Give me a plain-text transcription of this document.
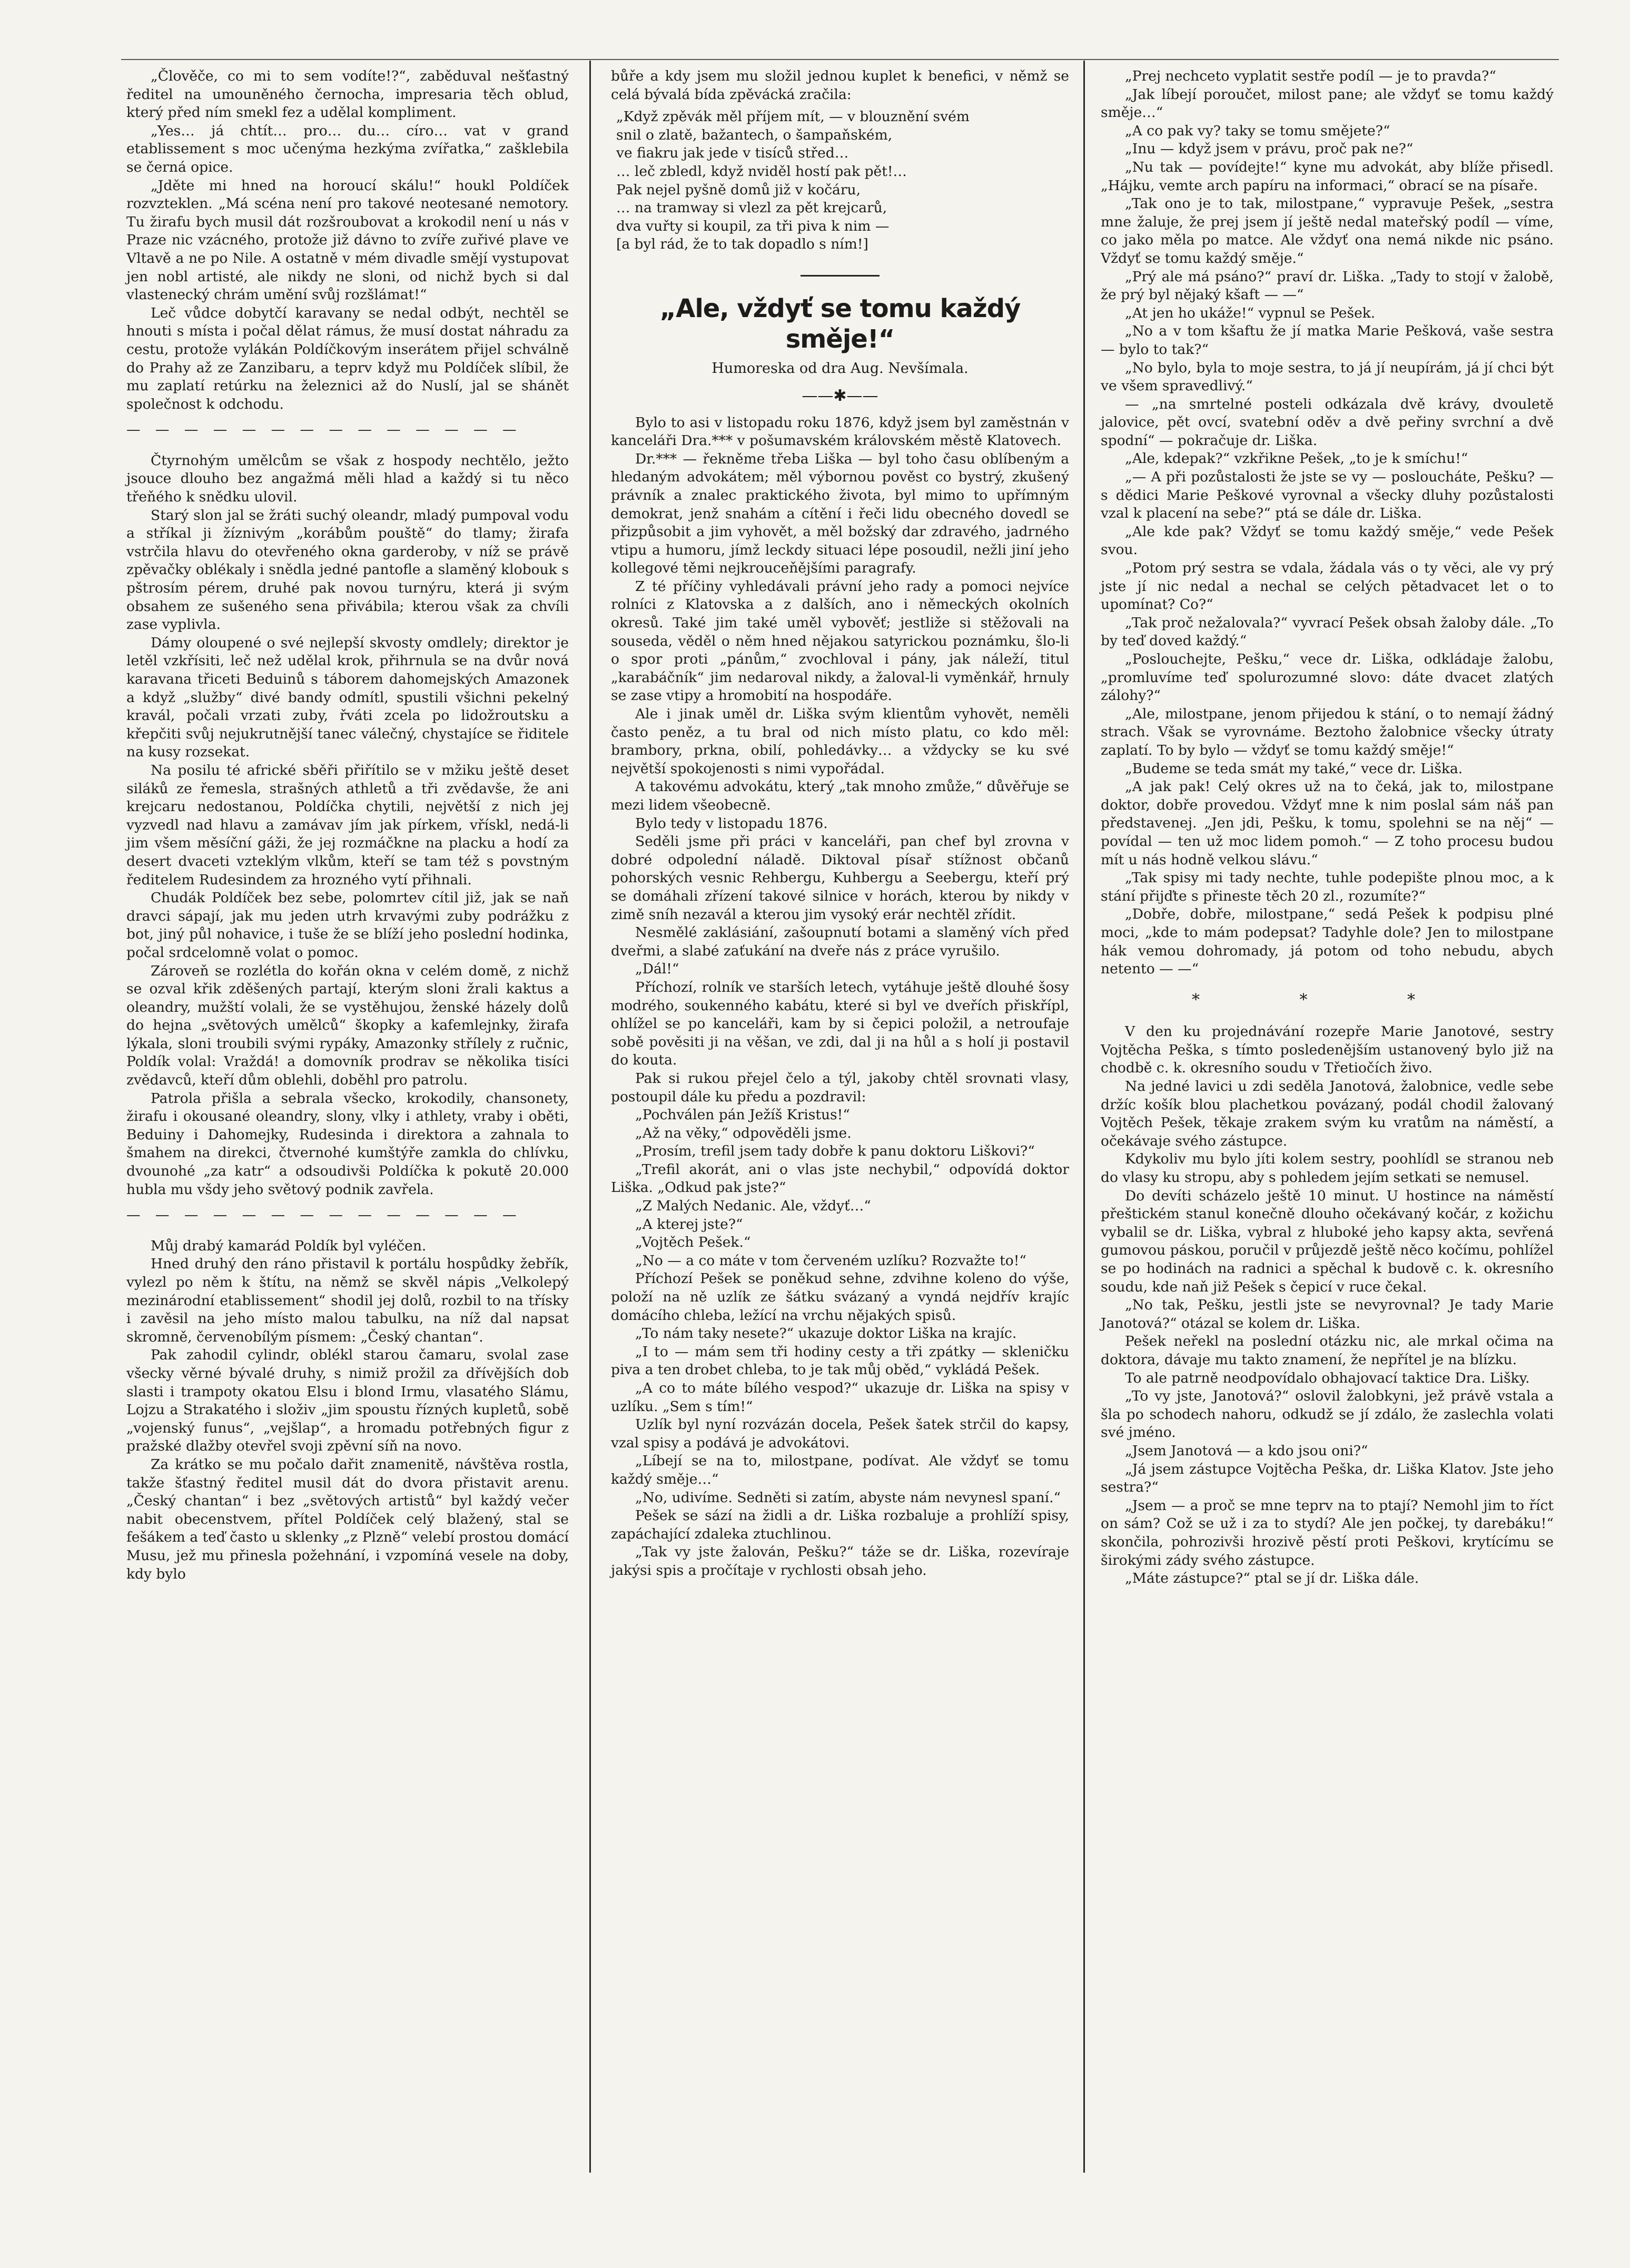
„Člověče, co mi to sem vodíte!?“, zaběduval nešťastný ředitel na umouněného černocha, impresaria těch oblud, který před ním smekl fez a udělal kompliment.

„Yes… já chtít… pro… du… círo… vat v grand etablissement s moc učenýma hezkýma zvířatka,“ zašklebila se černá opice.

„Jděte mi hned na horoucí skálu!“ houkl Poldíček rozvzteklen. „Má scéna není pro takové neotesané nemotory. Tu žirafu bych musil dát rozšroubovat a krokodil není u nás v Praze nic vzácného, protože již dávno to zvíře zuřivé plave ve Vltavě a ne po Nile. A ostatně v mém divadle smějí vystupovat jen nobl artisté, ale nikdy ne sloni, od nichž bych si dal vlastenecký chrám umění svůj rozšlámat!“

Leč vůdce dobytčí karavany se nedal odbýt, nechtěl se hnouti s místa i počal dělat rámus, že musí dostat náhradu za cestu, protože vylákán Poldíčkovým inserátem přijel schválně do Prahy až ze Zanzibaru, a teprv když mu Poldíček slíbil, že mu zaplatí retúrku na železnici až do Nuslí, jal se shánět společnost k odchodu.

— — — — — — — — — — — — — —

Čtyrnohým umělcům se však z hospody nechtělo, ježto jsouce dlouho bez angažmá měli hlad a každý si tu něco třeňého k snědku ulovil.

Starý slon jal se žráti suchý oleandr, mladý pumpoval vodu a stříkal ji žíznivým „korábům pouště“ do tlamy; žirafa vstrčila hlavu do otevřeného okna garderoby, v níž se právě zpěvačky oblékaly i snědla jedné pantofle a slaměný klobouk s pštrosím pérem, druhé pak novou turnýru, která ji svým obsahem ze sušeného sena přivábila; kterou však za chvíli zase vyplivla.

Dámy oloupené o své nejlepší skvosty omdlely; direktor je letěl vzkřísiti, leč než udělal krok, přihrnula se na dvůr nová karavana třiceti Beduinů s táborem dahomejských Amazonek a když „služby“ divé bandy odmítl, spustili všichni pekelný kravál, počali vrzati zuby, řváti zcela po lidožroutsku a křepčiti svůj nejukrutnější tanec válečný, chystajíce se řiditele na kusy rozsekat.

Na posilu té africké sběři přiřítilo se v mžiku ještě deset siláků ze řemesla, strašných athletů a tři zvědavše, že ani krejcaru nedostanou, Poldíčka chytili, největší z nich jej vyzvedl nad hlavu a zamávav jím jak pírkem, vřískl, nedá-li jim všem měsíční gáži, že jej rozmáčkne na placku a hodí za desert dvaceti vzteklým vlkům, kteří se tam též s povstným ředitelem Rudesindem za hrozného vytí přihnali.

Chudák Poldíček bez sebe, polomrtev cítil již, jak se naň dravci sápají, jak mu jeden utrh krvavými zuby podrážku z bot, jiný půl nohavice, i tuše že se blíží jeho poslední hodinka, počal srdcelomně volat o pomoc.

Zároveň se rozlétla do kořán okna v celém domě, z nichž se ozval křik zděšených partají, kterým sloni žrali kaktus a oleandry, mužští volali, že se vystěhujou, ženské házely dolů do hejna „světových umělců“ škopky a kafemlejnky, žirafa lýkala, sloni troubili svými rypáky, Amazonky střílely z ručnic, Poldík volal: Vraždá! a domovník prodrav se několika tisíci zvědavců, kteří dům oblehli, doběhl pro patrolu.

Patrola přišla a sebrala všecko, krokodily, chansonety, žirafu i okousané oleandry, slony, vlky i athlety, vraby i oběti, Beduiny i Dahomejky, Rudesinda i direktora a zahnala to šmahem na direkci, čtvernohé kumštýře zamkla do chlívku, dvounohé „za katr“ a odsoudivši Poldíčka k pokutě 20.000 hubla mu všdy jeho světový podnik zavřela.

— — — — — — — — — — — — — —

Můj drabý kamarád Poldík byl vyléčen.

Hned druhý den ráno přistavil k portálu hospůdky žebřík, vylezl po něm k štítu, na němž se skvěl nápis „Velkolepý mezinárodní etablissement“ shodil jej dolů, rozbil to na třísky i zavěsil na jeho místo malou tabulku, na níž dal napsat skromně, červenobílým písmem: „Český chantan“.

Pak zahodil cylindr, oblékl starou čamaru, svolal zase všecky věrné bývalé druhy, s nimiž prožil za dřívějších dob slasti i trampoty okatou Elsu i blond Irmu, vlasatého Slámu, Lojzu a Strakatého i složiv „jim spoustu řízných kupletů, sobě „vojenský funus“, „vejšlap“, a hromadu potřebných figur z pražské dlažby otevřel svoji zpěvní síň na novo.

Za krátko se mu počalo dařit znamenitě, návštěva rostla, takže šťastný ředitel musil dát do dvora přistavit arenu. „Český chantan“ i bez „světových artistů“ byl každý večer nabit obecenstvem, přítel Poldíček celý blažený, stal se fešákem a teď často u sklenky „z Plzně“ velebí prostou domácí Musu, jež mu přinesla požehnání, i vzpomíná vesele na doby, kdy bylo

bůře a kdy jsem mu složil jednou kuplet k benefici, v němž se celá bývalá bída zpěvácká zračila:

„Když zpěvák měl příjem mít, — v blouznění svém
snil o zlatě, bažantech, o šampaňském,
ve fiakru jak jede v tisíců střed…
… leč zbledl, když nviděl hostí pak pět!…
Pak nejel pyšně domů již v kočáru,
… na tramway si vlezl za pět krejcarů,
dva vuřty si koupil, za tři piva k nim —
[a byl rád, že to tak dopadlo s ním!]
„Ale, vždyť se tomu každý směje!“
Humoreska od dra Aug. Nevšímala.
——✱——

Bylo to asi v listopadu roku 1876, když jsem byl zaměstnán v kanceláři Dra.*** v pošumavském královském městě Klatovech.

Dr.*** — řekněme třeba Liška — byl toho času oblíbeným a hledaným advokátem; měl výbornou pověst co bystrý, zkušený právník a znalec praktického života, byl mimo to upřímným demokrat, jenž snahám a cítění i řeči lidu obecného dovedl se přizpůsobit a jim vyhovět, a měl božský dar zdravého, jadrného vtipu a humoru, jímž leckdy situaci lépe posoudil, nežli jiní jeho kollegové těmi nejkrouceňějšími paragrafy.

Z té příčiny vyhledávali právní jeho rady a pomoci nejvíce rolníci z Klatovska a z dalších, ano i německých okolních okresů. Také jim také uměl vybověť; jestliže si stěžovali na souseda, věděl o něm hned nějakou satyrickou poznámku, šlo-li o spor proti „pánům,“ zvochloval i pány, jak náleží, titul „karabáčník“ jim nedaroval nikdy, a žaloval-li vyměnkář, hrnuly se zase vtipy a hromobití na hospodáře.

Ale i jinak uměl dr. Liška svým klientům vyhovět, neměli často peněz, a tu bral od nich místo platu, co kdo měl: brambory, prkna, obilí, pohledávky… a vždycky se ku své největší spokojenosti s nimi vypořádal.

A takovému advokátu, který „tak mnoho zmůže,“ důvěřuje se mezi lidem všeobecně.

Bylo tedy v listopadu 1876.

Seděli jsme při práci v kanceláři, pan chef byl zrovna v dobré odpolední náladě. Diktoval písař stížnost občanů pohorských vesnic Rehbergu, Kuhbergu a Seebergu, kteří prý se domáhali zřízení takové silnice v horách, kterou by nikdy v zimě sníh nezavál a kterou jim vysoký erár nechtěl zřídit.

Nesmělé zaklásiání, zašoupnutí botami a slaměný vích před dveřmi, a slabé zaťukání na dveře nás z práce vyrušilo.

„Dál!“

Příchozí, rolník ve starších letech, vytáhuje ještě dlouhé šosy modrého, soukenného kabátu, které si byl ve dveřích přiskřípl, ohlížel se po kanceláři, kam by si čepici položil, a netroufaje sobě pověsiti ji na věšan, ve zdi, dal ji na hůl a s holí ji postavil do kouta.

Pak si rukou přejel čelo a týl, jakoby chtěl srovnati vlasy, postoupil dále ku předu a pozdravil:

„Pochválen pán Ježíš Kristus!“

„Až na věky,“ odpověděli jsme.

„Prosím, trefil jsem tady dobře k panu doktoru Liškovi?“

„Trefil akorát, ani o vlas jste nechybil,“ odpovídá doktor Liška. „Odkud pak jste?“

„Z Malých Nedanic. Ale, vždyť…“

„A kterej jste?“

„Vojtěch Pešek.“

„No — a co máte v tom červeném uzlíku? Rozvažte to!“

Příchozí Pešek se poněkud sehne, zdvihne koleno do výše, položí na ně uzlík ze šátku svázaný a vyndá nejdřív krajíc domácího chleba, ležící na vrchu nějakých spisů.

„To nám taky nesete?“ ukazuje doktor Liška na krajíc.

„I to — mám sem tři hodiny cesty a tři zpátky — skleničku piva a ten drobet chleba, to je tak můj oběd,“ vykládá Pešek.

„A co to máte bílého vespod?“ ukazuje dr. Liška na spisy v uzlíku. „Sem s tím!“

Uzlík byl nyní rozvázán docela, Pešek šatek strčil do kapsy, vzal spisy a podává je advokátovi.

„Líbejí se na to, milostpane, podívat. Ale vždyť se tomu každý směje…“

„No, udivíme. Sedněti si zatím, abyste nám nevynesl spaní.“

Pešek se sází na židli a dr. Liška rozbaluje a prohlíží spisy, zapáchající zdaleka ztuchlinou.

„Tak vy jste žalován, Pešku?“ táže se dr. Liška, rozevíraje jakýsi spis a pročítaje v rychlosti obsah jeho.

„Prej nechceto vyplatit sestře podíl — je to pravda?“

„Jak líbejí poroučet, milost pane; ale vždyť se tomu každý směje…“

„A co pak vy? taky se tomu smějete?“

„Inu — když jsem v právu, proč pak ne?“

„Nu tak — povídejte!“ kyne mu advokát, aby blíže přisedl. „Hájku, vemte arch papíru na informaci,“ obrací se na písaře.

„Tak ono je to tak, milostpane,“ vypravuje Pešek, „sestra mne žaluje, že prej jsem jí ještě nedal mateřský podíl — víme, co jako měla po matce. Ale vždyť ona nemá nikde nic psáno. Vždyť se tomu každý směje.“

„Prý ale má psáno?“ praví dr. Liška. „Tady to stojí v žalobě, že prý byl nějaký kšaft — —“

„At jen ho ukáže!“ vypnul se Pešek.

„No a v tom kšaftu že jí matka Marie Pešková, vaše sestra — bylo to tak?“

„No bylo, byla to moje sestra, to já jí neupírám, já jí chci být ve všem spravedlivý.“

— „na smrtelné posteli odkázala dvě krávy, dvouletě jalovice, pět ovcí, svatební oděv a dvě peřiny svrchní a dvě spodní“ — pokračuje dr. Liška.

„Ale, kdepak?“ vzkřikne Pešek, „to je k smíchu!“

„— A při pozůstalosti že jste se vy — posloucháte, Pešku? — s dědici Marie Peškové vyrovnal a všecky dluhy pozůstalosti vzal k placení na sebe?“ ptá se dále dr. Liška.

„Ale kde pak? Vždyť se tomu každý směje,“ vede Pešek svou.

„Potom prý sestra se vdala, žádala vás o ty věci, ale vy prý jste jí nic nedal a nechal se celých pětadvacet let o to upomínat? Co?“

„Tak proč nežalovala?“ vyvrací Pešek obsah žaloby dále. „To by teď doved každý.“

„Poslouchejte, Pešku,“ vece dr. Liška, odkládaje žalobu, „promluvíme teď spolurozumné slovo: dáte dvacet zlatých zálohy?“

„Ale, milostpane, jenom přijedou k stání, o to nemají žádný strach. Však se vyrovnáme. Beztoho žalobnice všecky útraty zaplatí. To by bylo — vždyť se tomu každý směje!“

„Budeme se teda smát my také,“ vece dr. Liška.

„A jak pak! Celý okres už na to čeká, jak to, milostpane doktor, dobře provedou. Vždyť mne k nim poslal sám náš pan představenej. „Jen jdi, Pešku, k tomu, spolehni se na něj“ — povídal — ten už moc lidem pomoh.“ — Z toho procesu budou mít u nás hodně velkou slávu.“

„Tak spisy mi tady nechte, tuhle podepište plnou moc, a k stání přijďte s přineste těch 20 zl., rozumíte?“

„Dobře, dobře, milostpane,“ sedá Pešek k podpisu plné moci, „kde to mám podepsat? Tadyhle dole? Jen to milostpane hák vemou dohromady, já potom od toho nebudu, abych netento — —“

* * *

V den ku projednávání rozepře Marie Janotové, sestry Vojtěcha Peška, s tímto posledenějším ustanovený bylo již na chodbě c. k. okresního soudu v Třetiočích živo.

Na jedné lavici u zdi seděla Janotová, žalobnice, vedle sebe držíc košík blou plachetkou povázaný, podál chodil žalovaný Vojtěch Pešek, těkaje zrakem svým ku vratům na náměstí, a očekávaje svého zástupce.

Kdykoliv mu bylo jíti kolem sestry, poohlídl se stranou neb do vlasy ku stropu, aby s pohledem jejím setkati se nemusel.

Do devíti scházelo ještě 10 minut. U hostince na náměstí přeštickém stanul konečně dlouho očekávaný kočár, z kožichu vybalil se dr. Liška, vybral z hluboké jeho kapsy akta, sevřená gumovou páskou, poručil v průjezdě ještě něco kočímu, pohlížel se po hodinách na radnici a spěchal k budově c. k. okresního soudu, kde naň již Pešek s čepicí v ruce čekal.

„No tak, Pešku, jestli jste se nevyrovnal? Je tady Marie Janotová?“ otázal se kolem dr. Liška.

Pešek neřekl na poslední otázku nic, ale mrkal očima na doktora, dávaje mu takto znamení, že nepřítel je na blízku.

To ale patrně neodpovídalo obhajovací taktice Dra. Lišky.

„To vy jste, Janotová?“ oslovil žalobkyni, jež právě vstala a šla po schodech nahoru, odkudž se jí zdálo, že zaslechla volati své jméno.

„Jsem Janotová — a kdo jsou oni?“

„Já jsem zástupce Vojtěcha Peška, dr. Liška Klatov. Jste jeho sestra?“

„Jsem — a proč se mne teprv na to ptají? Nemohl jim to říct on sám? Což se už i za to stydí? Ale jen počkej, ty darebáku!“ skončila, pohrozivši hrozivě pěstí proti Peškovi, krytícímu se širokými zády svého zástupce.

„Máte zástupce?“ ptal se jí dr. Liška dále.
